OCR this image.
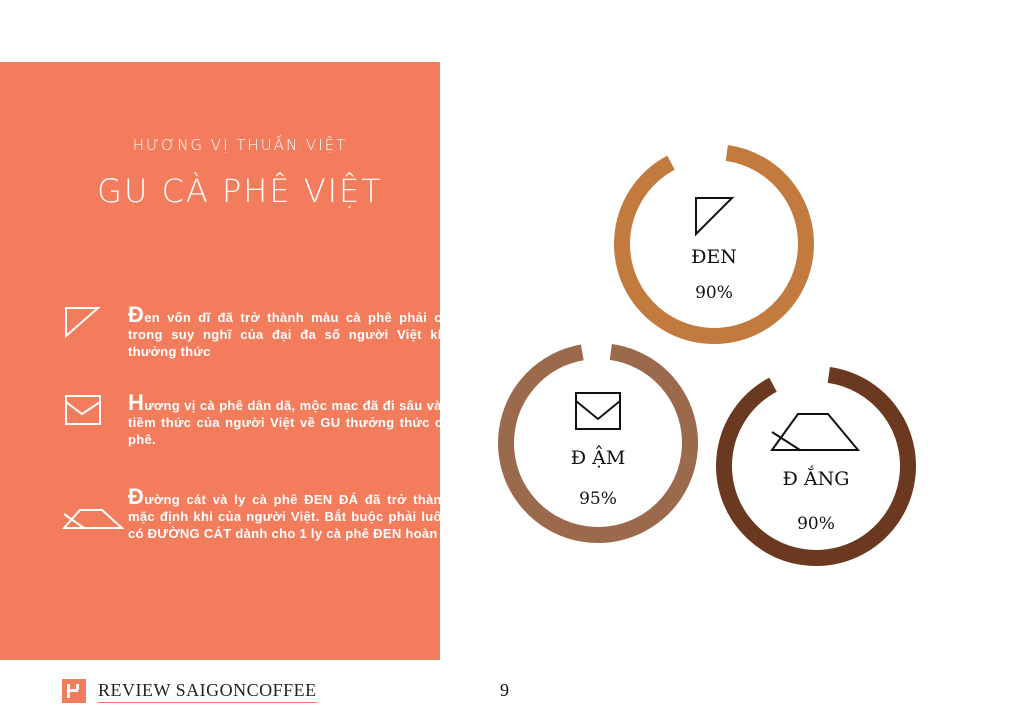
HƯƠNG VỊ THUẦN VIỆT
GU CÀ PHÊ VIỆT
Đen vốn dĩ đã trở thành màu cà phê phải có trong suy nghĩ của đại đa số người Việt khi thưởng thức
Hương vị cà phê dân dã, mộc mạc đã đi sâu vào tiềm thức của người Việt về GU thưởng thức cà phê.
Đường cát và ly cà phê ĐEN ĐÁ đã trở thành mặc định khi của người Việt. Bắt buộc phải luôn có ĐƯỜNG CÁT dành cho 1 ly cà phê ĐEN hoàn
ĐEN
90%
Đ ẬM
95%
Đ ẮNG
90%
REVIEW SAIGONCOFFEE	9
